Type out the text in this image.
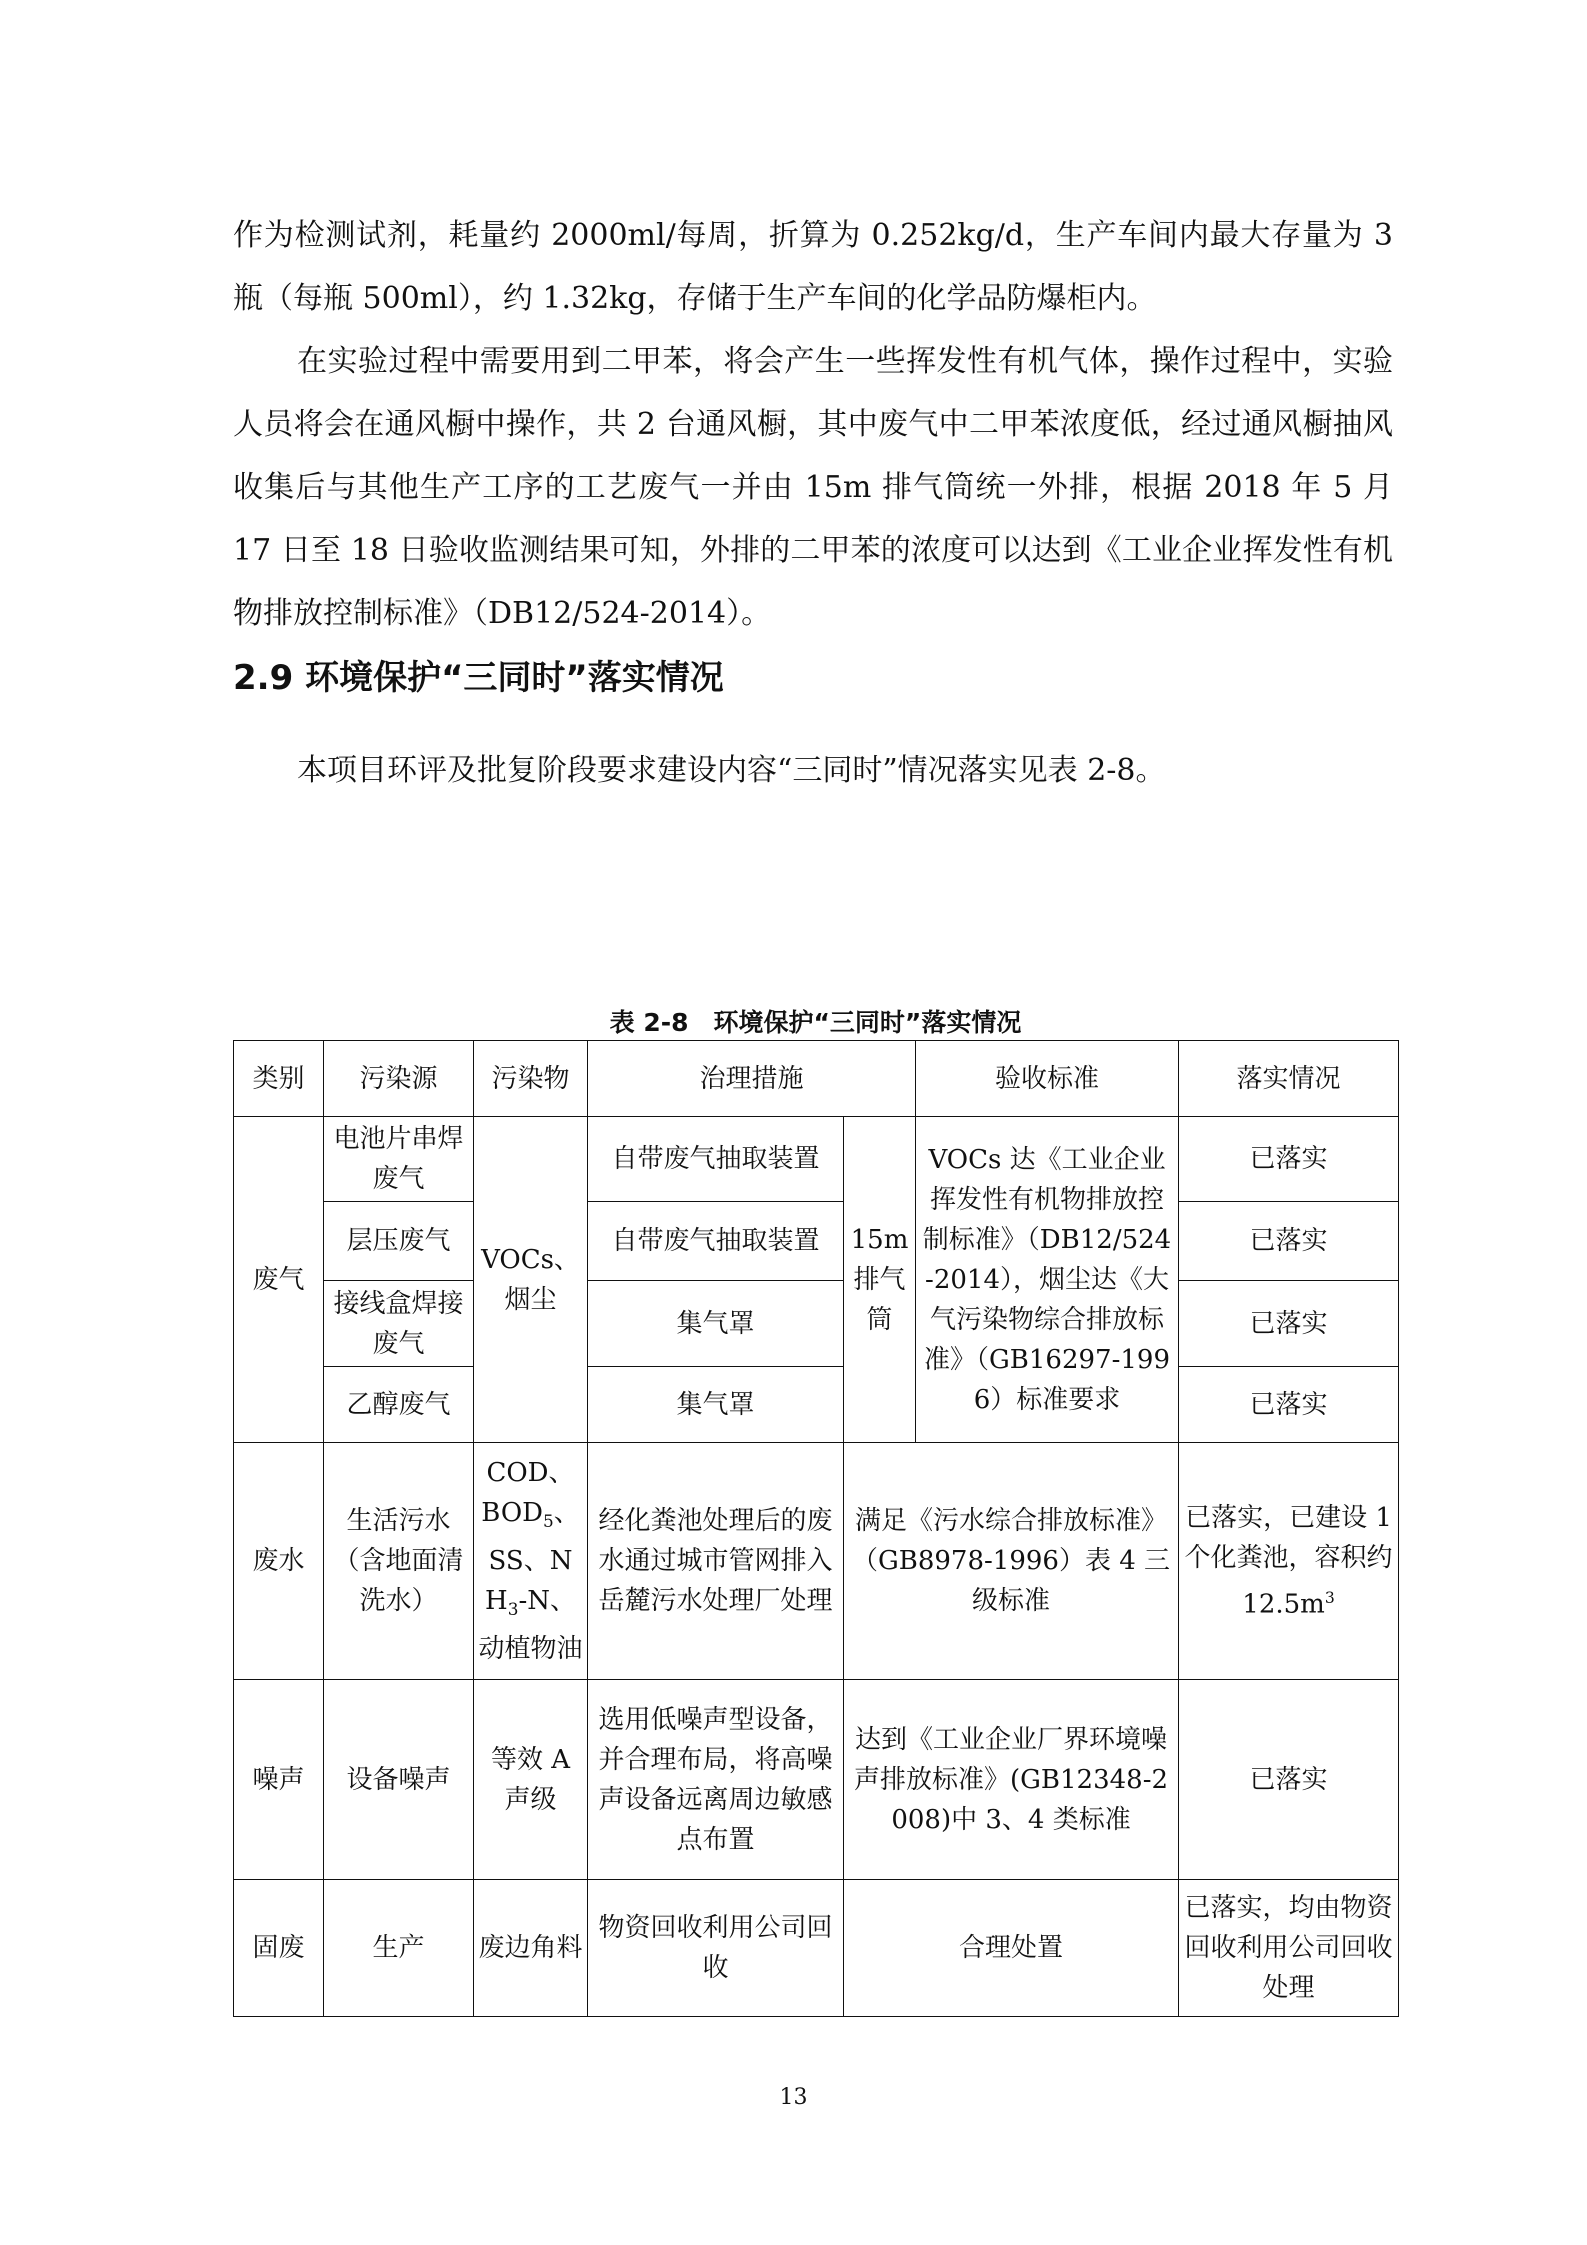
作为检测试剂，耗量约 2000ml/每周，折算为 0.252kg/d，生产车间内最大存量为 3 瓶（每瓶 500ml），约 1.32kg，存储于生产车间的化学品防爆柜内。

在实验过程中需要用到二甲苯，将会产生一些挥发性有机气体，操作过程中，实验人员将会在通风橱中操作，共 2 台通风橱，其中废气中二甲苯浓度低，经过通风橱抽风收集后与其他生产工序的工艺废气一并由 15m 排气筒统一外排，根据 2018 年 5 月 17 日至 18 日验收监测结果可知，外排的二甲苯的浓度可以达到《工业企业挥发性有机物排放控制标准》（DB12/524-2014）。

2.9 环境保护“三同时”落实情况

本项目环评及批复阶段要求建设内容“三同时”情况落实见表 2-8。

表 2-8　环境保护“三同时”落实情况
类别	污染源	污染物	治理措施		验收标准	落实情况
废气	电池片串焊废气	VOCs、烟尘	自带废气抽取装置	15m 排气筒	VOCs 达《工业企业挥发性有机物排放控制标准》（DB12/524-2014），烟尘达《大气污染物综合排放标准》（GB16297-1996）标准要求	已落实
	层压废气		自带废气抽取装置			已落实
	接线盒焊接废气		集气罩			已落实
	乙醇废气		集气罩			已落实
废水	生活污水（含地面清洗水）	COD、$BOD_5$、SS、$NH_3-N$、动植物油	经化粪池处理后的废水通过城市管网排入岳麓污水处理厂处理	满足《污水综合排放标准》（GB8978-1996）表 4 三级标准		已落实，已建设 1 个化粪池，容积约 $12.5m^3$
噪声	设备噪声	等效 A 声级	选用低噪声型设备，并合理布局，将高噪声设备远离周边敏感点布置	达到《工业企业厂界环境噪声排放标准》(GB12348-2008)中 3、4 类标准		已落实
固废	生产	废边角料	物资回收利用公司回收	合理处置		已落实，均由物资回收利用公司回收处理
13
